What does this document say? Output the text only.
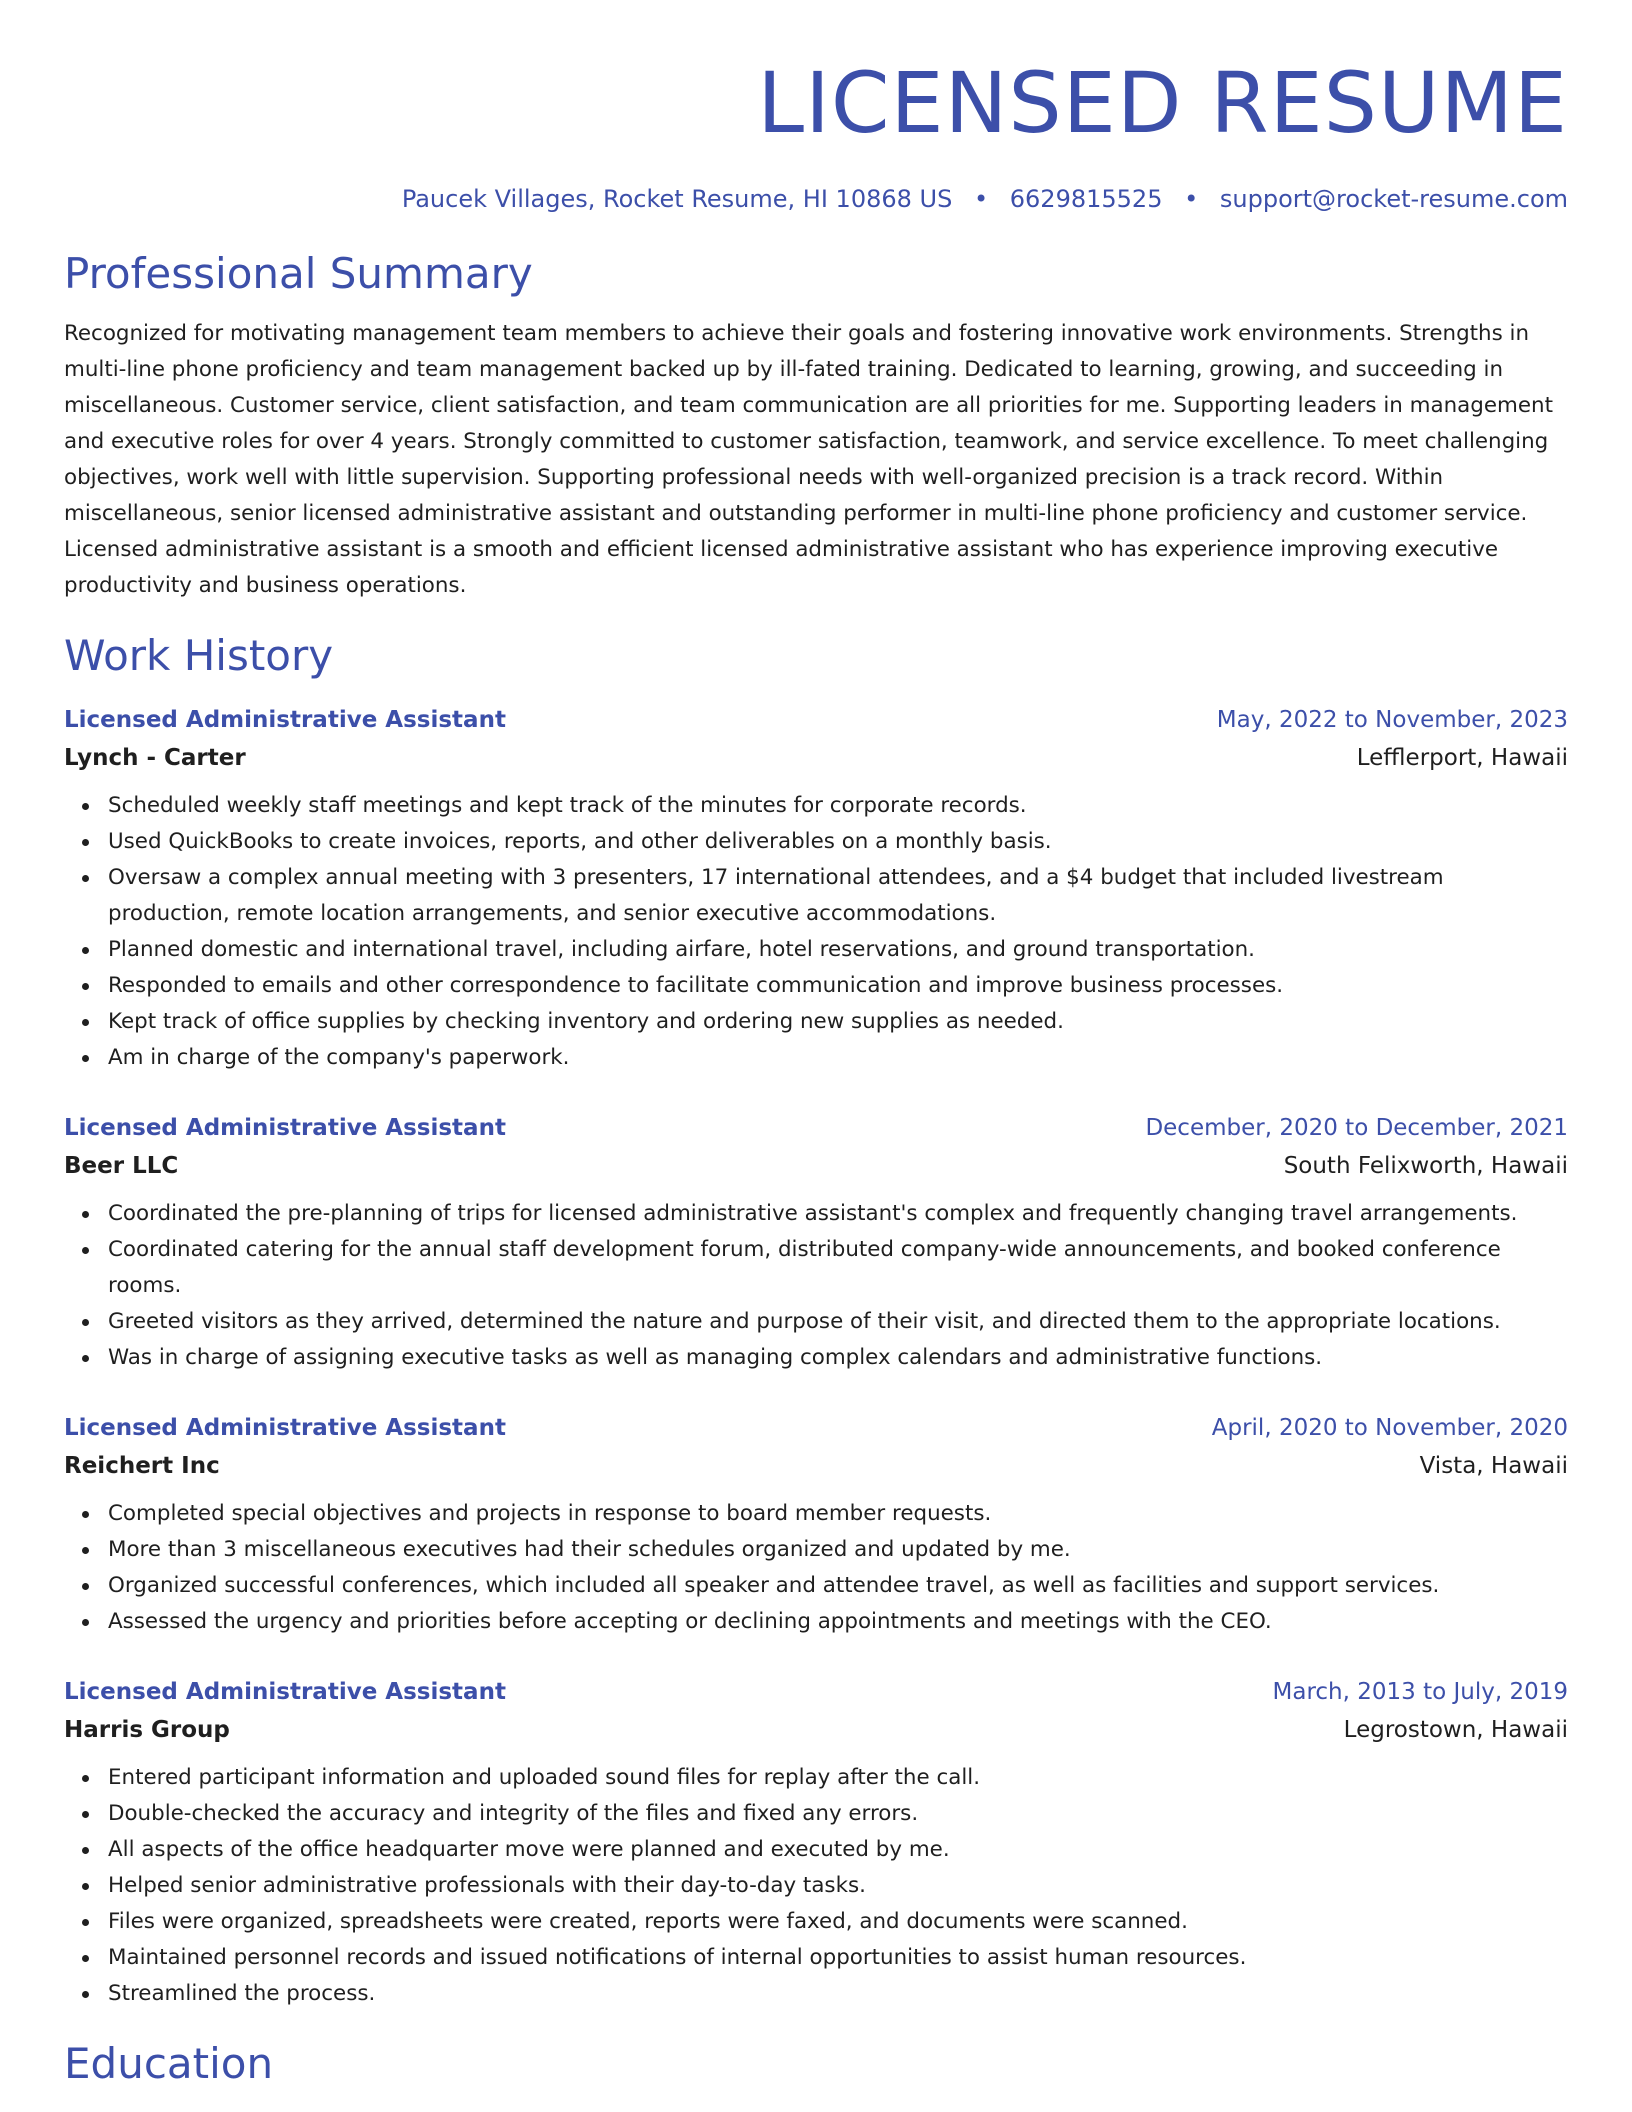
LICENSED RESUME
Paucek Villages, Rocket Resume, HI 10868 US • 6629815525 • support@rocket-resume.com
Professional Summary
Recognized for motivating management team members to achieve their goals and fostering innovative work environments. Strengths in multi-line phone proficiency and team management backed up by ill-fated training. Dedicated to learning, growing, and succeeding in miscellaneous. Customer service, client satisfaction, and team communication are all priorities for me. Supporting leaders in management and executive roles for over 4 years. Strongly committed to customer satisfaction, teamwork, and service excellence. To meet challenging objectives, work well with little supervision. Supporting professional needs with well-organized precision is a track record. Within miscellaneous, senior licensed administrative assistant and outstanding performer in multi-line phone proficiency and customer service. Licensed administrative assistant is a smooth and efficient licensed administrative assistant who has experience improving executive productivity and business operations.
Work History
Licensed Administrative Assistant	May, 2022 to November, 2023
Lynch - Carter	Lefflerport, Hawaii
Scheduled weekly staff meetings and kept track of the minutes for corporate records.
Used QuickBooks to create invoices, reports, and other deliverables on a monthly basis.
Oversaw a complex annual meeting with 3 presenters, 17 international attendees, and a $4 budget that included livestream production, remote location arrangements, and senior executive accommodations.
Planned domestic and international travel, including airfare, hotel reservations, and ground transportation.
Responded to emails and other correspondence to facilitate communication and improve business processes.
Kept track of office supplies by checking inventory and ordering new supplies as needed.
Am in charge of the company's paperwork.
Licensed Administrative Assistant	December, 2020 to December, 2021
Beer LLC	South Felixworth, Hawaii
Coordinated the pre-planning of trips for licensed administrative assistant's complex and frequently changing travel arrangements.
Coordinated catering for the annual staff development forum, distributed company-wide announcements, and booked conference rooms.
Greeted visitors as they arrived, determined the nature and purpose of their visit, and directed them to the appropriate locations.
Was in charge of assigning executive tasks as well as managing complex calendars and administrative functions.
Licensed Administrative Assistant	April, 2020 to November, 2020
Reichert Inc	Vista, Hawaii
Completed special objectives and projects in response to board member requests.
More than 3 miscellaneous executives had their schedules organized and updated by me.
Organized successful conferences, which included all speaker and attendee travel, as well as facilities and support services.
Assessed the urgency and priorities before accepting or declining appointments and meetings with the CEO.
Licensed Administrative Assistant	March, 2013 to July, 2019
Harris Group	Legrostown, Hawaii
Entered participant information and uploaded sound files for replay after the call.
Double-checked the accuracy and integrity of the files and fixed any errors.
All aspects of the office headquarter move were planned and executed by me.
Helped senior administrative professionals with their day-to-day tasks.
Files were organized, spreadsheets were created, reports were faxed, and documents were scanned.
Maintained personnel records and issued notifications of internal opportunities to assist human resources.
Streamlined the process.
Education
